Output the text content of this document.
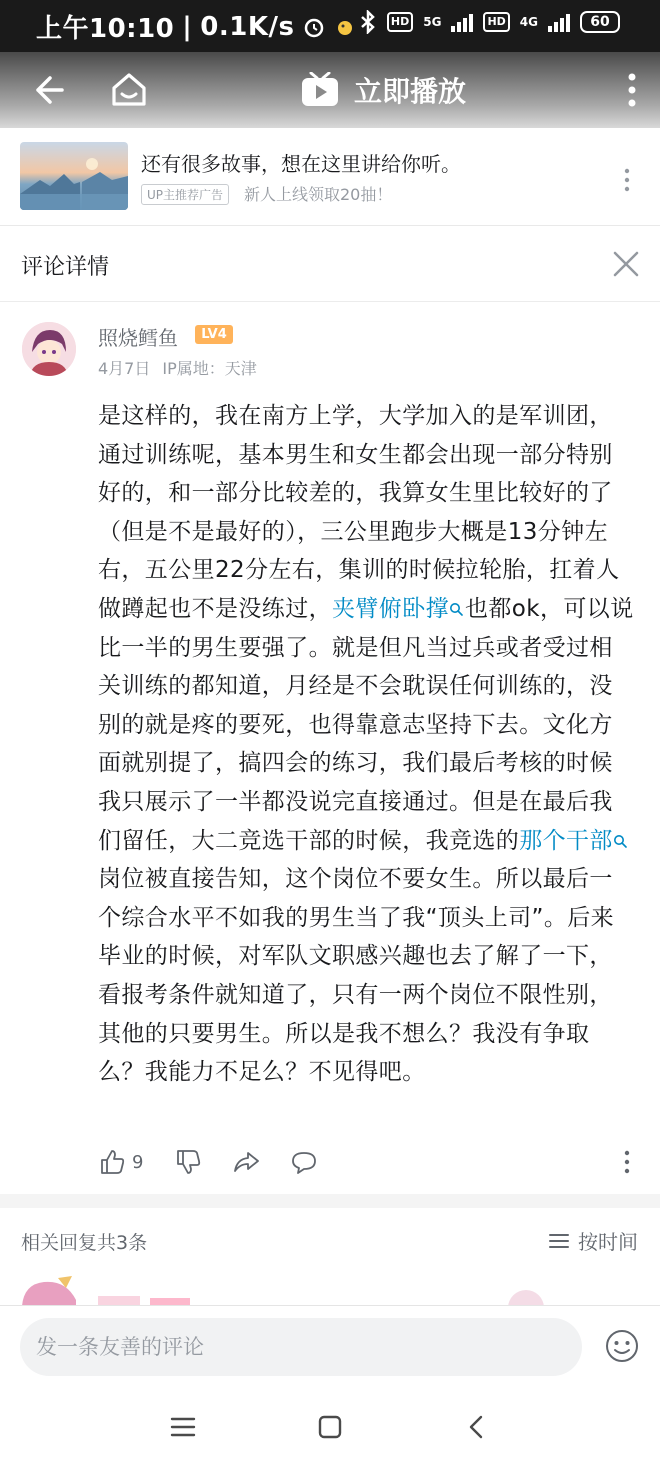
上午10:10 | 0.1K/s	HD	5G	HD	4G	60
立即播放
还有很多故事，想在这里讲给你听。
UP主推荐广告	新人上线领取20抽！
评论详情
照烧鳕鱼	LV4
4月7日 IP属地：天津
是这样的，我在南方上学，大学加入的是军训团，通过训练呢，基本男生和女生都会出现一部分特别好的，和一部分比较差的，我算女生里比较好的了（但是不是最好的），三公里跑步大概是13分钟左右，五公里22分左右，集训的时候拉轮胎，扛着人做蹲起也不是没练过，夹臂俯卧撑 也都ok，可以说比一半的男生要强了。就是但凡当过兵或者受过相关训练的都知道，月经是不会耽误任何训练的，没别的就是疼的要死，也得靠意志坚持下去。文化方面就别提了，搞四会的练习，我们最后考核的时候我只展示了一半都没说完直接通过。但是在最后我们留任，大二竞选干部的时候，我竞选的那个干部岗位被直接告知，这个岗位不要女生。所以最后一个综合水平不如我的男生当了我“顶头上司”。后来毕业的时候，对军队文职感兴趣也去了解了一下，看报考条件就知道了，只有一两个岗位不限性别，其他的只要男生。所以是我不想么？我没有争取么？我能力不足么？不见得吧。
9
相关回复共3条	按时间
发一条友善的评论
